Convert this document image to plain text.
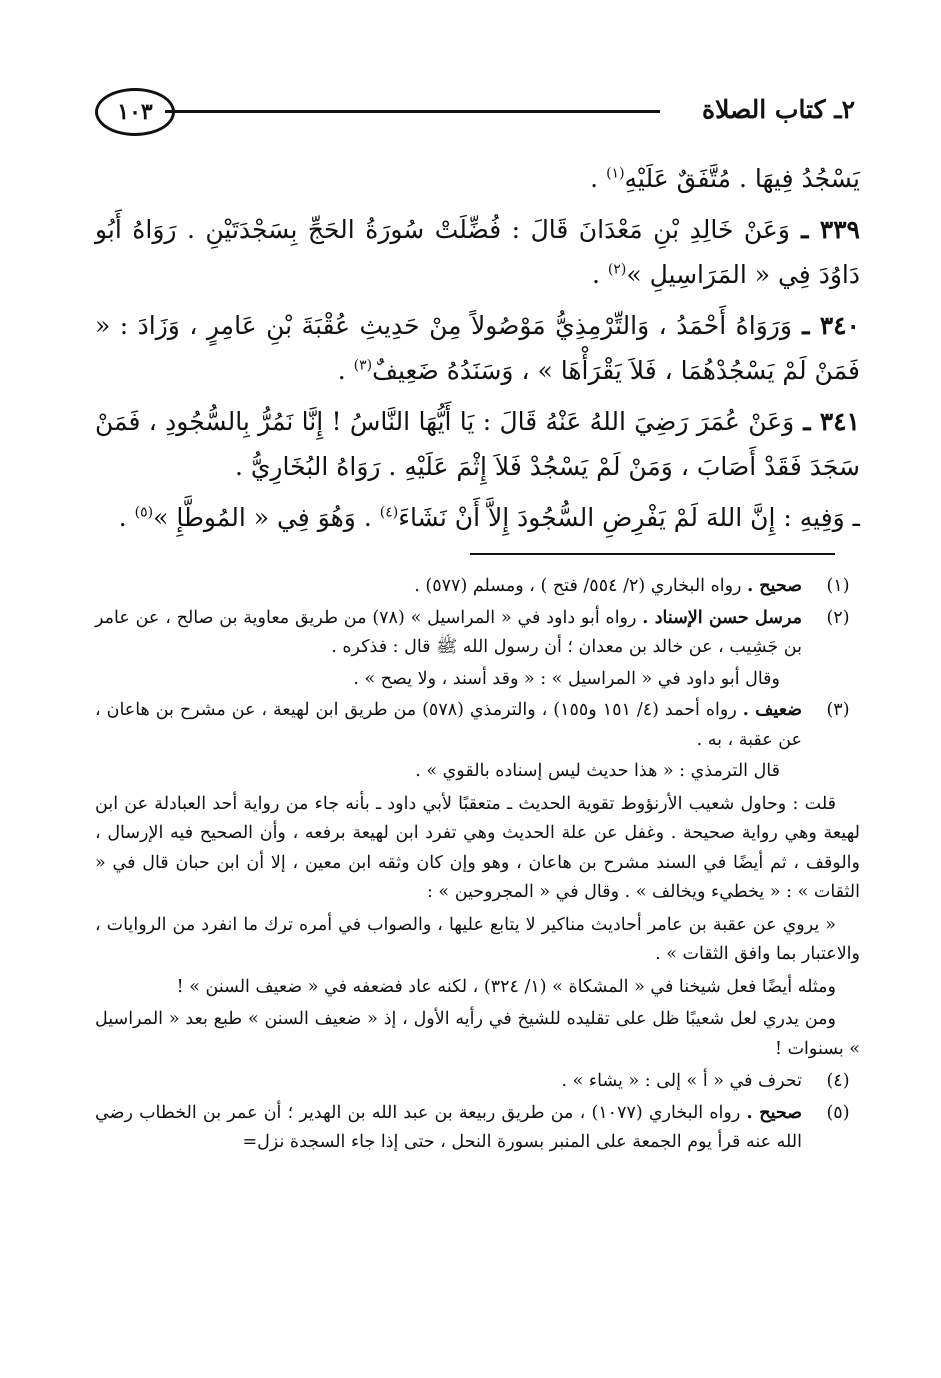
٢ـ كتاب الصلاة
١٠٣

يَسْجُدُ فِيهَا . مُتَّفَقٌ عَلَيْهِ$^{(١)}$ .

٣٣٩ ـ وَعَنْ خَالِدِ بْنِ مَعْدَانَ قَالَ : فُضِّلَتْ سُورَةُ الحَجِّ بِسَجْدَتَيْنِ . رَوَاهُ أَبُو دَاوُدَ فِي « المَرَاسِيلِ »$^{(٢)}$ .

٣٤٠ ـ وَرَوَاهُ أَحْمَدُ ، وَالتِّرْمِذِيُّ مَوْصُولاً مِنْ حَدِيثِ عُقْبَةَ بْنِ عَامِرٍ ، وَزَادَ : « فَمَنْ لَمْ يَسْجُدْهُمَا ، فَلاَ يَقْرَأْهَا » ، وَسَنَدُهُ ضَعِيفٌ$^{(٣)}$ .

٣٤١ ـ وَعَنْ عُمَرَ رَضِيَ اللهُ عَنْهُ قَالَ : يَا أَيُّهَا النَّاسُ ! إِنَّا نَمُرُّ بِالسُّجُودِ ، فَمَنْ سَجَدَ فَقَدْ أَصَابَ ، وَمَنْ لَمْ يَسْجُدْ فَلاَ إِثْمَ عَلَيْهِ . رَوَاهُ البُخَارِيُّ .

ـ وَفِيهِ : إِنَّ اللهَ لَمْ يَفْرِضِ السُّجُودَ إِلاَّ أَنْ نَشَاءَ$^{(٤)}$ . وَهُوَ فِي « المُوطَّإِ »$^{(٥)}$ .

(١)

صحيح . رواه البخاري (٢/ ٥٥٤/ فتح ) ، ومسلم (٥٧٧) .

(٢)

مرسل حسن الإسناد . رواه أبو داود في « المراسيل » (٧٨) من طريق معاوية بن صالح ، عن عامر بن جَشِيب ، عن خالد بن معدان ؛ أن رسول الله ﷺ قال : فذكره .

وقال أبو داود في « المراسيل » : « وقد أسند ، ولا يصح » .

(٣)

ضعيف . رواه أحمد (٤/ ١٥١ و١٥٥) ، والترمذي (٥٧٨) من طريق ابن لهيعة ، عن مشرح بن هاعان ، عن عقبة ، به .

قال الترمذي : « هذا حديث ليس إسناده بالقوي » .

قلت : وحاول شعيب الأرنؤوط تقوية الحديث ـ متعقبًا لأبي داود ـ بأنه جاء من رواية أحد العبادلة عن ابن لهيعة وهي رواية صحيحة . وغفل عن علة الحديث وهي تفرد ابن لهيعة برفعه ، وأن الصحيح فيه الإرسال ، والوقف ، ثم أيضًا في السند مشرح بن هاعان ، وهو وإن كان وثقه ابن معين ، إلا أن ابن حبان قال في « الثقات » : « يخطيء ويخالف » . وقال في « المجروحين » :
« يروي عن عقبة بن عامر أحاديث مناكير لا يتابع عليها ، والصواب في أمره ترك ما انفرد من الروايات ، والاعتبار بما وافق الثقات » .
ومثله أيضًا فعل شيخنا في « المشكاة » (١/ ٣٢٤) ، لكنه عاد فضعفه في « ضعيف السنن » !
ومن يدري لعل شعيبًا ظل على تقليده للشيخ في رأيه الأول ، إذ « ضعيف السنن » طبع بعد « المراسيل » بسنوات !
(٤)

تحرف في « أ » إلى : « يشاء » .

(٥)

صحيح . رواه البخاري (١٠٧٧) ، من طريق ربيعة بن عبد الله بن الهدير ؛ أن عمر بن الخطاب رضي الله عنه قرأ يوم الجمعة على المنبر بسورة النحل ، حتى إذا جاء السجدة نزل=
